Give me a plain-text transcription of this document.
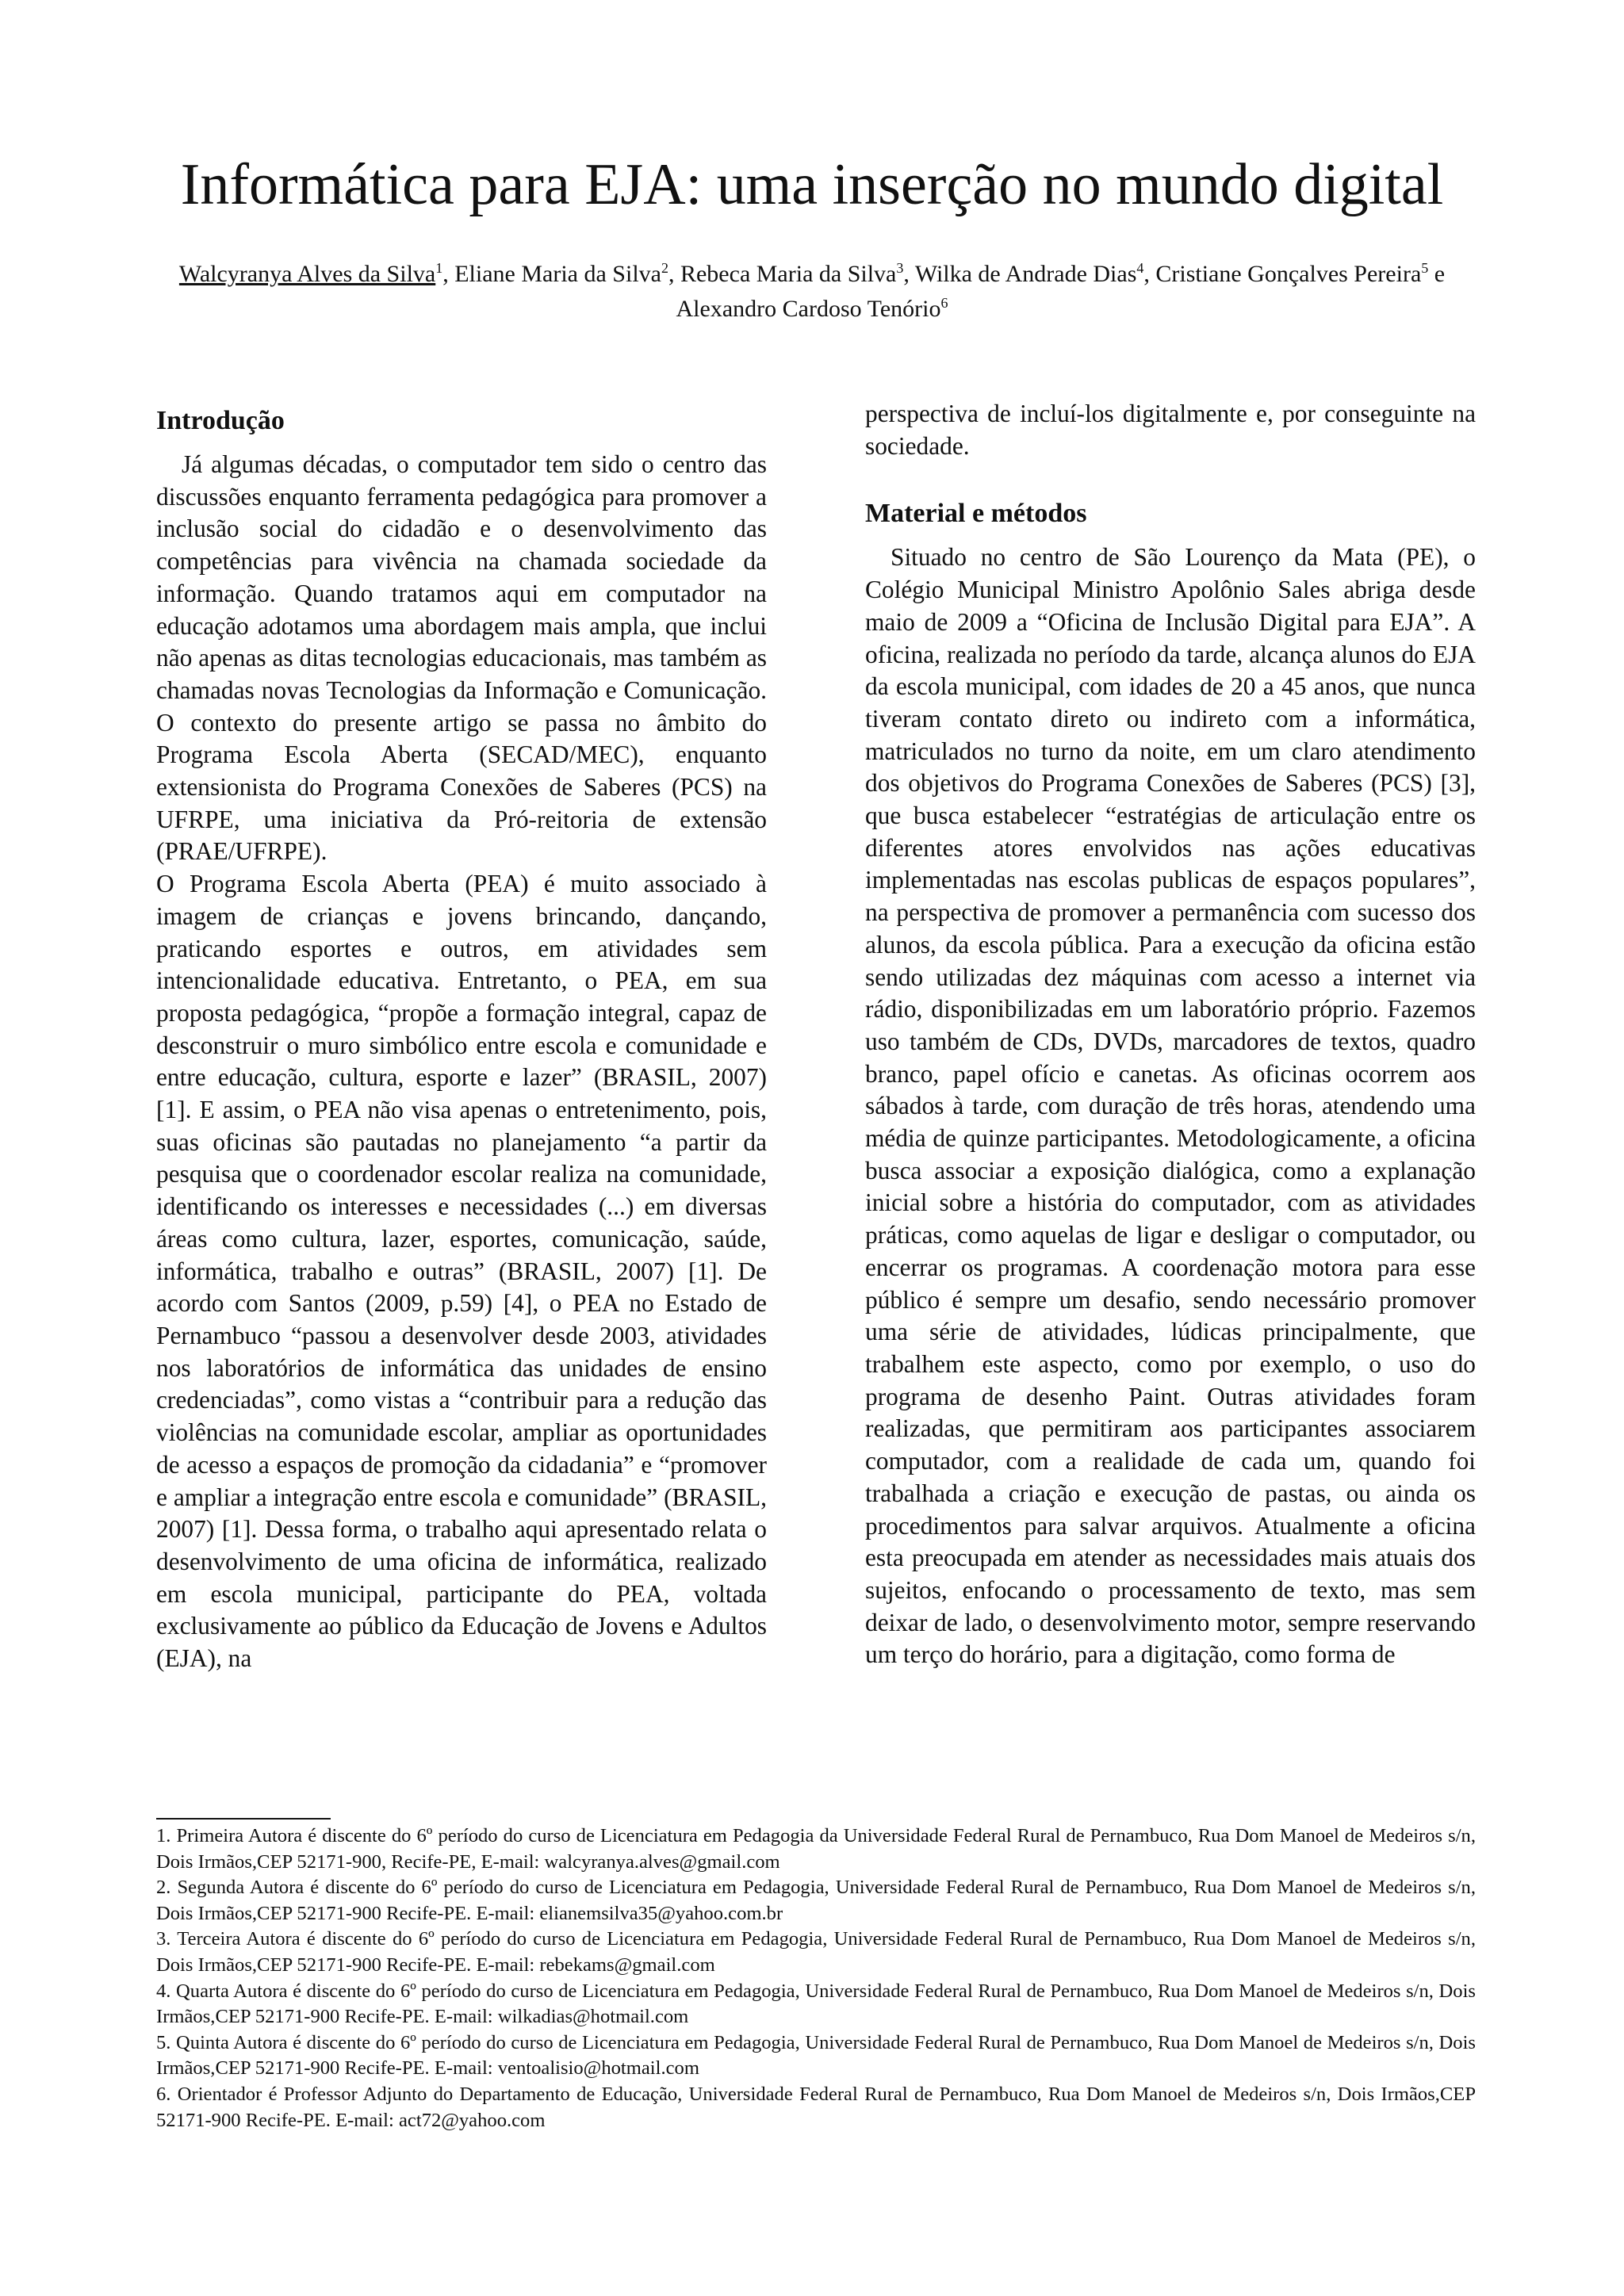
Informática para EJA: uma inserção no mundo digital
Walcyranya Alves da Silva$^1$, Eliane Maria da Silva$^2$, Rebeca Maria da Silva$^3$, Wilka de Andrade Dias$^4$, Cristiane Gonçalves Pereira$^5$ e Alexandro Cardoso Tenório$^6$
Introdução

Já algumas décadas, o computador tem sido o centro das discussões enquanto ferramenta pedagógica para promover a inclusão social do cidadão e o desenvolvimento das competências para vivência na chamada sociedade da informação. Quando tratamos aqui em computador na educação adotamos uma abordagem mais ampla, que inclui não apenas as ditas tecnologias educacionais, mas também as chamadas novas Tecnologias da Informação e Comunicação. O contexto do presente artigo se passa no âmbito do Programa Escola Aberta (SECAD/MEC), enquanto extensionista do Programa Conexões de Saberes (PCS) na UFRPE, uma iniciativa da Pró-reitoria de extensão (PRAE/UFRPE).

O Programa Escola Aberta (PEA) é muito associado à imagem de crianças e jovens brincando, dançando, praticando esportes e outros, em atividades sem intencionalidade educativa. Entretanto, o PEA, em sua proposta pedagógica, “propõe a formação integral, capaz de desconstruir o muro simbólico entre escola e comunidade e entre educação, cultura, esporte e lazer” (BRASIL, 2007) [1]. E assim, o PEA não visa apenas o entretenimento, pois, suas oficinas são pautadas no planejamento “a partir da pesquisa que o coordenador escolar realiza na comunidade, identificando os interesses e necessidades (...) em diversas áreas como cultura, lazer, esportes, comunicação, saúde, informática, trabalho e outras” (BRASIL, 2007) [1]. De acordo com Santos (2009, p.59) [4], o PEA no Estado de Pernambuco “passou a desenvolver desde 2003, atividades nos laboratórios de informática das unidades de ensino credenciadas”, como vistas a “contribuir para a redução das violências na comunidade escolar, ampliar as oportunidades de acesso a espaços de promoção da cidadania” e “promover e ampliar a integração entre escola e comunidade” (BRASIL, 2007) [1]. Dessa forma, o trabalho aqui apresentado relata o desenvolvimento de uma oficina de informática, realizado em escola municipal, participante do PEA, voltada exclusivamente ao público da Educação de Jovens e Adultos (EJA), na

perspectiva de incluí-los digitalmente e, por conseguinte na sociedade.

Material e métodos

Situado no centro de São Lourenço da Mata (PE), o Colégio Municipal Ministro Apolônio Sales abriga desde maio de 2009 a “Oficina de Inclusão Digital para EJA”. A oficina, realizada no período da tarde, alcança alunos do EJA da escola municipal, com idades de 20 a 45 anos, que nunca tiveram contato direto ou indireto com a informática, matriculados no turno da noite, em um claro atendimento dos objetivos do Programa Conexões de Saberes (PCS) [3], que busca estabelecer “estratégias de articulação entre os diferentes atores envolvidos nas ações educativas implementadas nas escolas publicas de espaços populares”, na perspectiva de promover a permanência com sucesso dos alunos, da escola pública. Para a execução da oficina estão sendo utilizadas dez máquinas com acesso a internet via rádio, disponibilizadas em um laboratório próprio. Fazemos uso também de CDs, DVDs, marcadores de textos, quadro branco, papel ofício e canetas. As oficinas ocorrem aos sábados à tarde, com duração de três horas, atendendo uma média de quinze participantes. Metodologicamente, a oficina busca associar a exposição dialógica, como a explanação inicial sobre a história do computador, com as atividades práticas, como aquelas de ligar e desligar o computador, ou encerrar os programas. A coordenação motora para esse público é sempre um desafio, sendo necessário promover uma série de atividades, lúdicas principalmente, que trabalhem este aspecto, como por exemplo, o uso do programa de desenho Paint. Outras atividades foram realizadas, que permitiram aos participantes associarem computador, com a realidade de cada um, quando foi trabalhada a criação e execução de pastas, ou ainda os procedimentos para salvar arquivos. Atualmente a oficina esta preocupada em atender as necessidades mais atuais dos sujeitos, enfocando o processamento de texto, mas sem deixar de lado, o desenvolvimento motor, sempre reservando um terço do horário, para a digitação, como forma de

1. Primeira Autora é discente do 6º período do curso de Licenciatura em Pedagogia da Universidade Federal Rural de Pernambuco, Rua Dom Manoel de Medeiros s/n, Dois Irmãos,CEP 52171-900, Recife-PE, E-mail: walcyranya.alves@gmail.com

2. Segunda Autora é discente do 6º período do curso de Licenciatura em Pedagogia, Universidade Federal Rural de Pernambuco, Rua Dom Manoel de Medeiros s/n, Dois Irmãos,CEP 52171-900 Recife-PE. E-mail: elianemsilva35@yahoo.com.br

3. Terceira Autora é discente do 6º período do curso de Licenciatura em Pedagogia, Universidade Federal Rural de Pernambuco, Rua Dom Manoel de Medeiros s/n, Dois Irmãos,CEP 52171-900 Recife-PE. E-mail: rebekams@gmail.com

4. Quarta Autora é discente do 6º período do curso de Licenciatura em Pedagogia, Universidade Federal Rural de Pernambuco, Rua Dom Manoel de Medeiros s/n, Dois Irmãos,CEP 52171-900 Recife-PE. E-mail: wilkadias@hotmail.com

5. Quinta Autora é discente do 6º período do curso de Licenciatura em Pedagogia, Universidade Federal Rural de Pernambuco, Rua Dom Manoel de Medeiros s/n, Dois Irmãos,CEP 52171-900 Recife-PE. E-mail: ventoalisio@hotmail.com

6. Orientador é Professor Adjunto do Departamento de Educação, Universidade Federal Rural de Pernambuco, Rua Dom Manoel de Medeiros s/n, Dois Irmãos,CEP 52171-900 Recife-PE. E-mail: act72@yahoo.com
